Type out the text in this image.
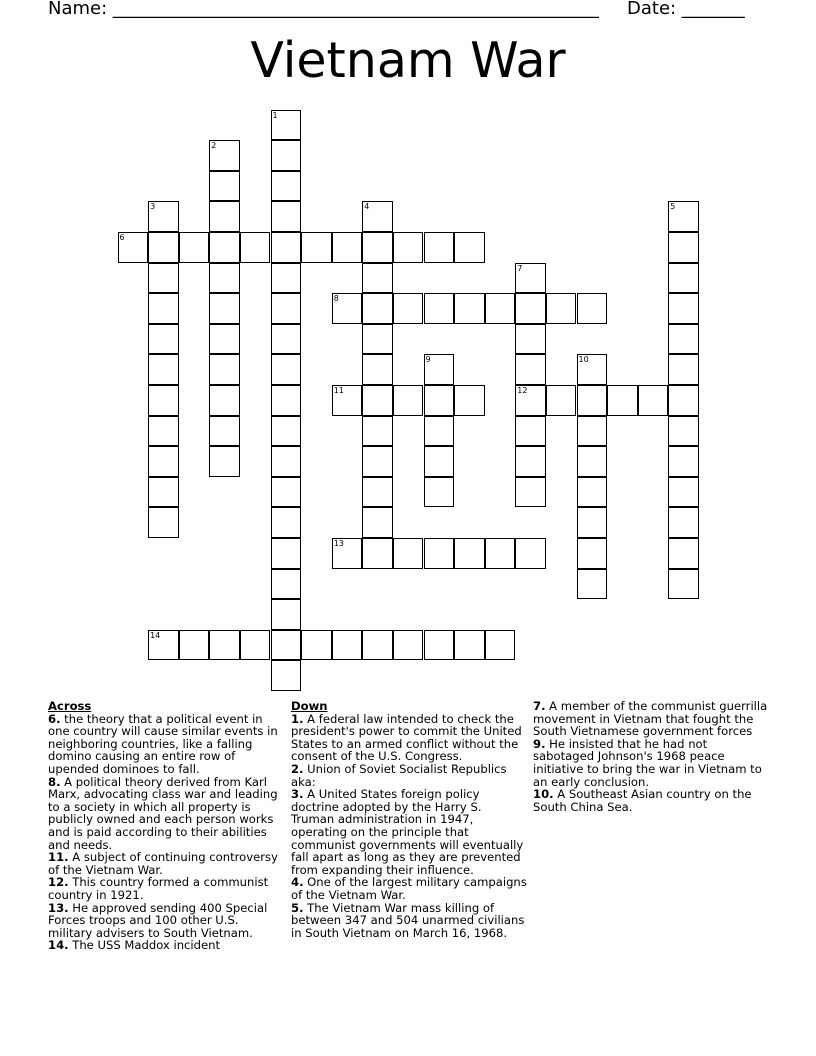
Name: ______________________________________________________ Date: _______
Vietnam War
1
2
3	4	5
6
7
12
8
9	10
11
13
14
Across
6. the theory that a political event in one country will cause similar events in neighboring countries, like a falling domino causing an entire row of upended dominoes to fall.
8. A political theory derived from Karl Marx, advocating class war and leading to a society in which all property is publicly owned and each person works and is paid according to their abilities and needs.
11. A subject of continuing controversy of the Vietnam War.
12. This country formed a communist country in 1921.
13. He approved sending 400 Special Forces troops and 100 other U.S. military advisers to South Vietnam.
14. The USS Maddox incident
Down
1. A federal law intended to check the president's power to commit the United States to an armed conflict without the consent of the U.S. Congress.
2. Union of Soviet Socialist Republics aka:
3. A United States foreign policy doctrine adopted by the Harry S. Truman administration in 1947, operating on the principle that communist governments will eventually fall apart as long as they are prevented from expanding their influence.
4. One of the largest military campaigns of the Vietnam War.
5. The Vietnam War mass killing of between 347 and 504 unarmed civilians in South Vietnam on March 16, 1968.
7. A member of the communist guerrilla movement in Vietnam that fought the South Vietnamese government forces
9. He insisted that he had not sabotaged Johnson's 1968 peace initiative to bring the war in Vietnam to an early conclusion.
10. A Southeast Asian country on the South China Sea.
